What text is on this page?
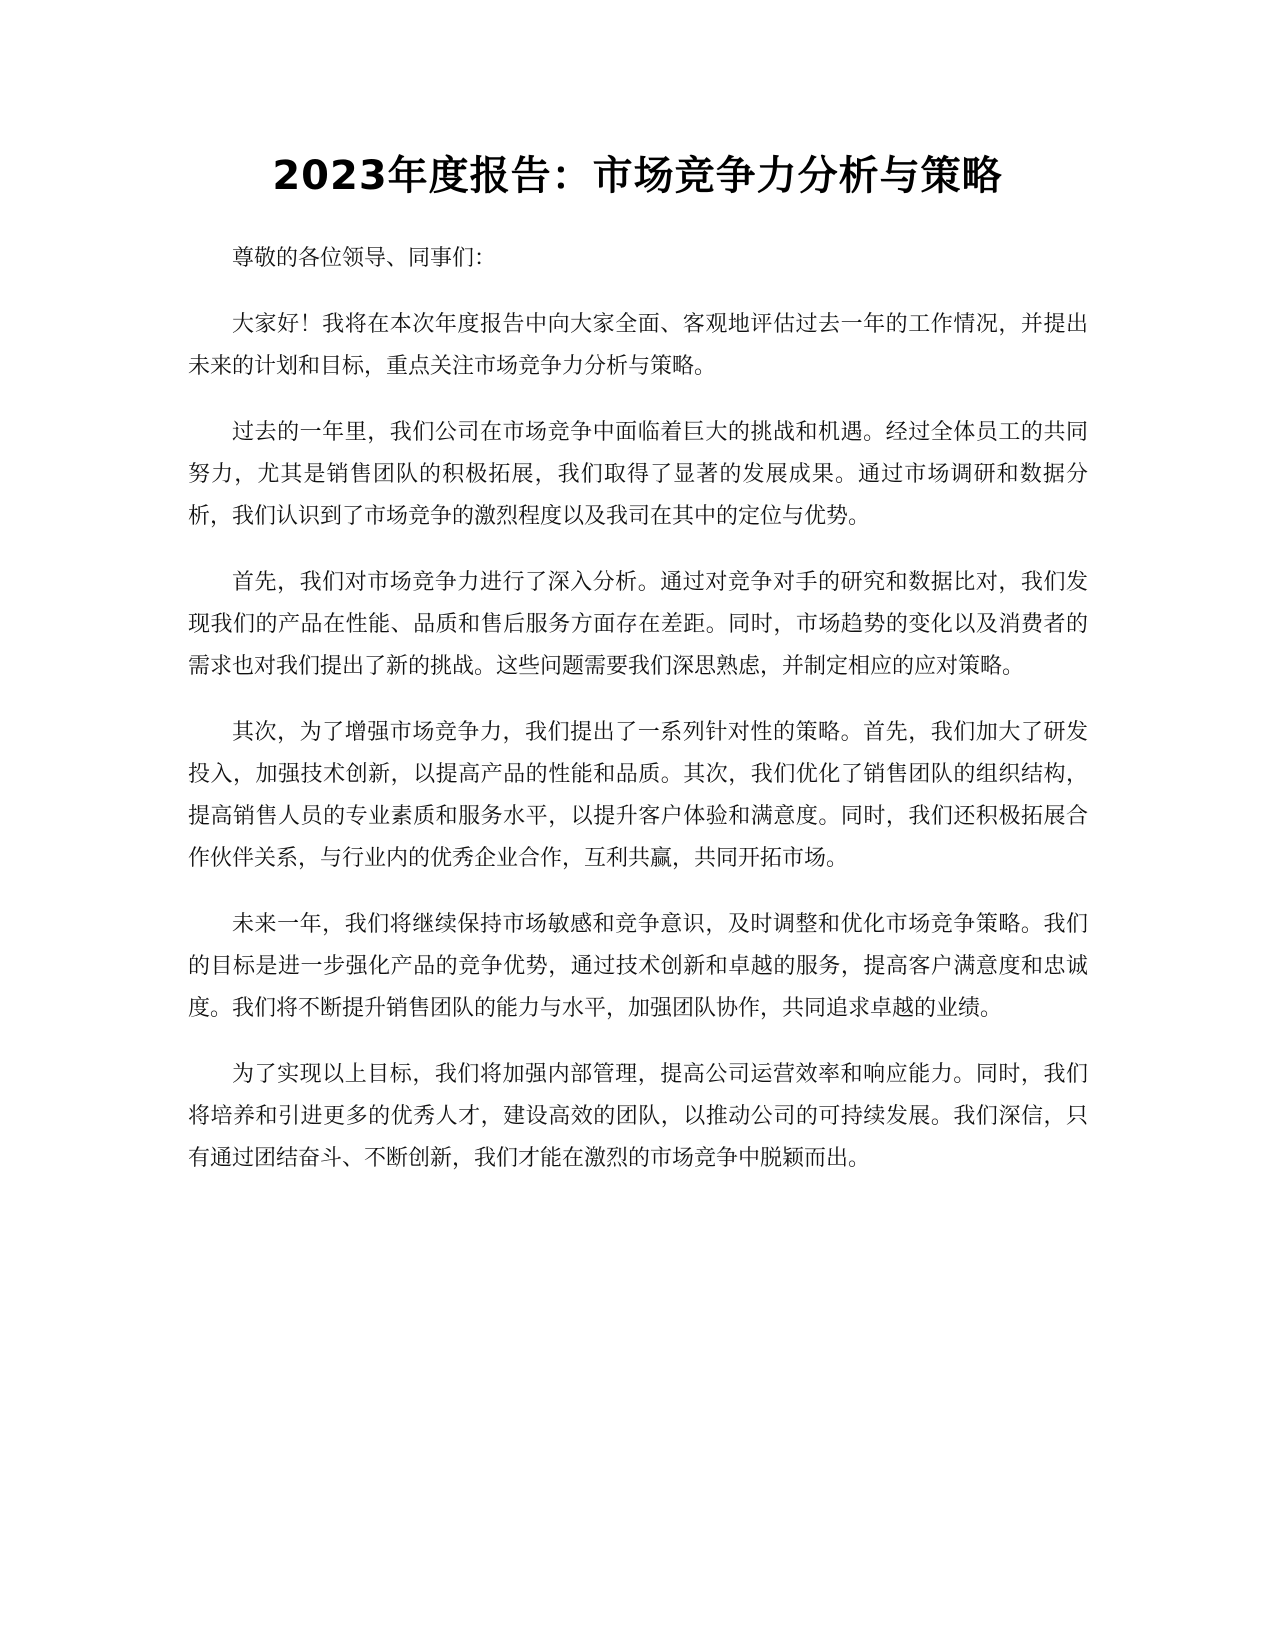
2023年度报告：市场竞争力分析与策略

尊敬的各位领导、同事们：

大家好！我将在本次年度报告中向大家全面、客观地评估过去一年的工作情况，并提出未来的计划和目标，重点关注市场竞争力分析与策略。

过去的一年里，我们公司在市场竞争中面临着巨大的挑战和机遇。经过全体员工的共同努力，尤其是销售团队的积极拓展，我们取得了显著的发展成果。通过市场调研和数据分析，我们认识到了市场竞争的激烈程度以及我司在其中的定位与优势。

首先，我们对市场竞争力进行了深入分析。通过对竞争对手的研究和数据比对，我们发现我们的产品在性能、品质和售后服务方面存在差距。同时，市场趋势的变化以及消费者的需求也对我们提出了新的挑战。这些问题需要我们深思熟虑，并制定相应的应对策略。

其次，为了增强市场竞争力，我们提出了一系列针对性的策略。首先，我们加大了研发投入，加强技术创新，以提高产品的性能和品质。其次，我们优化了销售团队的组织结构，提高销售人员的专业素质和服务水平，以提升客户体验和满意度。同时，我们还积极拓展合作伙伴关系，与行业内的优秀企业合作，互利共赢，共同开拓市场。

未来一年，我们将继续保持市场敏感和竞争意识，及时调整和优化市场竞争策略。我们的目标是进一步强化产品的竞争优势，通过技术创新和卓越的服务，提高客户满意度和忠诚度。我们将不断提升销售团队的能力与水平，加强团队协作，共同追求卓越的业绩。

为了实现以上目标，我们将加强内部管理，提高公司运营效率和响应能力。同时，我们将培养和引进更多的优秀人才，建设高效的团队，以推动公司的可持续发展。我们深信，只有通过团结奋斗、不断创新，我们才能在激烈的市场竞争中脱颖而出。
